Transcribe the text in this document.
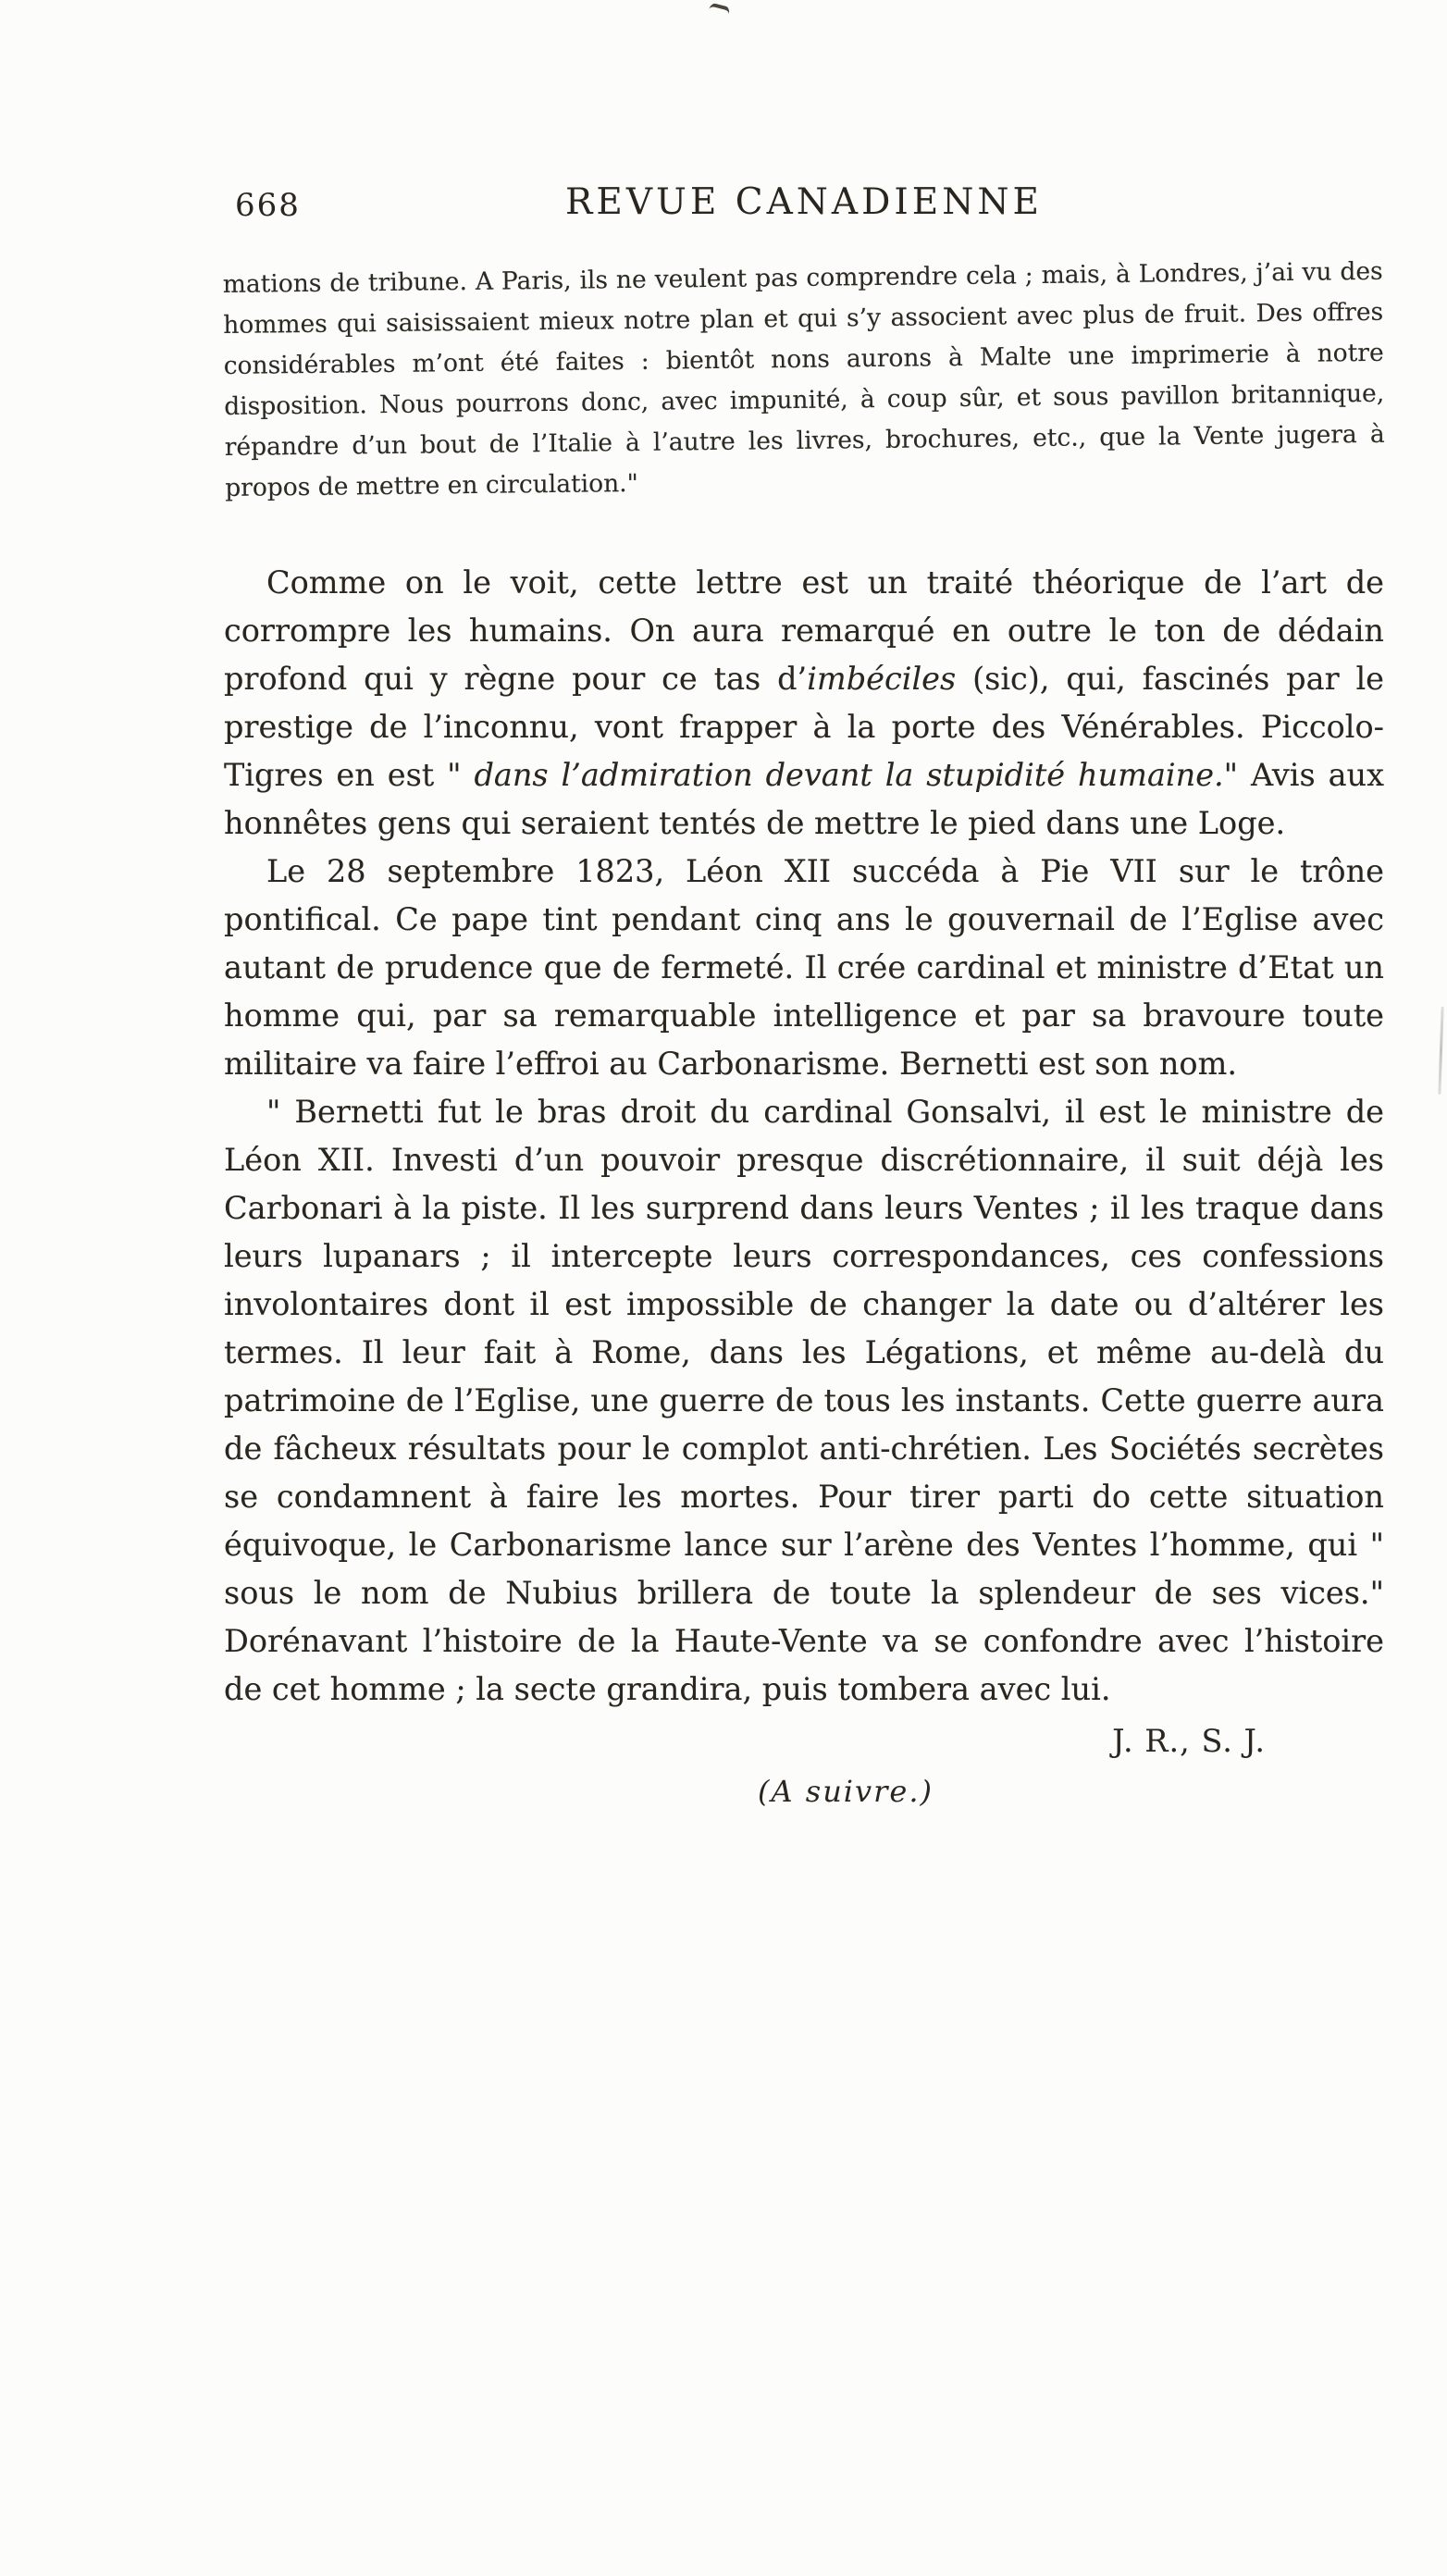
668	REVUE CANADIENNE
mations de tribune. A Paris, ils ne veulent pas comprendre cela ; mais, à Londres, j’ai vu des hommes qui saisissaient mieux notre plan et qui s’y associent avec plus de fruit. Des offres considérables m’ont été faites : bientôt nons aurons à Malte une imprimerie à notre disposition. Nous pourrons donc, avec impunité, à coup sûr, et sous pavillon britannique, répandre d’un bout de l’Italie à l’autre les livres, brochures, etc., que la Vente jugera à propos de mettre en circulation."

Comme on le voit, cette lettre est un traité théorique de l’art de corrompre les humains. On aura remarqué en outre le ton de dédain profond qui y règne pour ce tas d’imbéciles (sic), qui, fascinés par le prestige de l’inconnu, vont frapper à la porte des Vénérables. Piccolo-Tigres en est " dans l’admiration devant la stupidité humaine." Avis aux honnêtes gens qui seraient tentés de mettre le pied dans une Loge.

Le 28 septembre 1823, Léon XII succéda à Pie VII sur le trône pontifical. Ce pape tint pendant cinq ans le gouvernail de l’Eglise avec autant de prudence que de fermeté. Il crée cardinal et ministre d’Etat un homme qui, par sa remarquable intelligence et par sa bravoure toute militaire va faire l’effroi au Carbonarisme. Bernetti est son nom.

" Bernetti fut le bras droit du cardinal Gonsalvi, il est le ministre de Léon XII. Investi d’un pouvoir presque discrétionnaire, il suit déjà les Carbonari à la piste. Il les surprend dans leurs Ventes ; il les traque dans leurs lupanars ; il intercepte leurs correspondances, ces confessions involontaires dont il est impossible de changer la date ou d’altérer les termes. Il leur fait à Rome, dans les Légations, et même au-delà du patrimoine de l’Eglise, une guerre de tous les instants. Cette guerre aura de fâcheux résultats pour le complot anti-chrétien. Les Sociétés secrètes se condamnent à faire les mortes. Pour tirer parti do cette situation équivoque, le Carbonarisme lance sur l’arène des Ventes l’homme, qui " sous le nom de Nubius brillera de toute la splendeur de ses vices." Dorénavant l’histoire de la Haute-Vente va se confondre avec l’histoire de cet homme ; la secte grandira, puis tombera avec lui.

J. R., S. J.
(A suivre.)
